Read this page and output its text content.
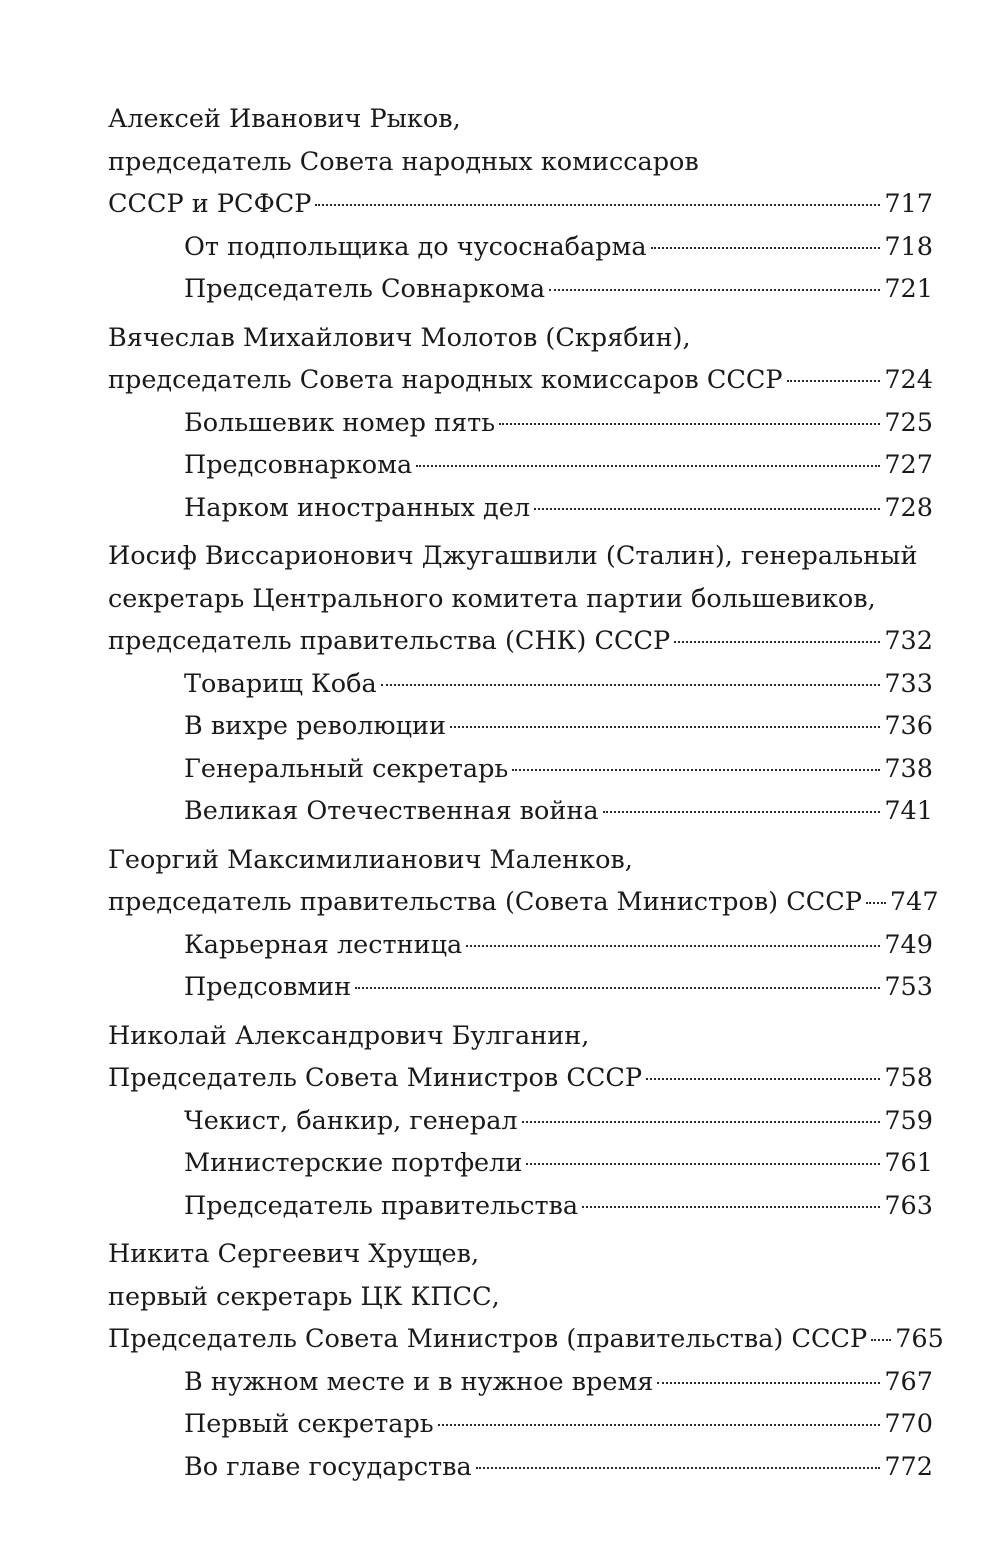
Алексей Иванович Рыков,
председатель Совета народных комиссаров
СССР и РСФСР	717
От подпольщика до чусоснабарма	718
Председатель Совнаркома	721
Вячеслав Михайлович Молотов (Скрябин),
председатель Совета народных комиссаров СССР	724
Большевик номер пять	725
Предсовнаркома	727
Нарком иностранных дел	728
Иосиф Виссарионович Джугашвили (Сталин), генеральный
секретарь Центрального комитета партии большевиков,
председатель правительства (СНК) СССР	732
Товарищ Коба	733
В вихре революции	736
Генеральный секретарь	738
Великая Отечественная война	741
Георгий Максимилианович Маленков,
председатель правительства (Совета Министров) СССР 747
Карьерная лестница	749
Предсовмин	753
Николай Александрович Булганин,
Председатель Совета Министров СССР	758
Чекист, банкир, генерал	759
Министерские портфели	761
Председатель правительства	763
Никита Сергеевич Хрущев,
первый секретарь ЦК КПСС,
Председатель Совета Министров (правительства) СССР 765
В нужном месте и в нужное время	767
Первый секретарь	770
Во главе государства	772
